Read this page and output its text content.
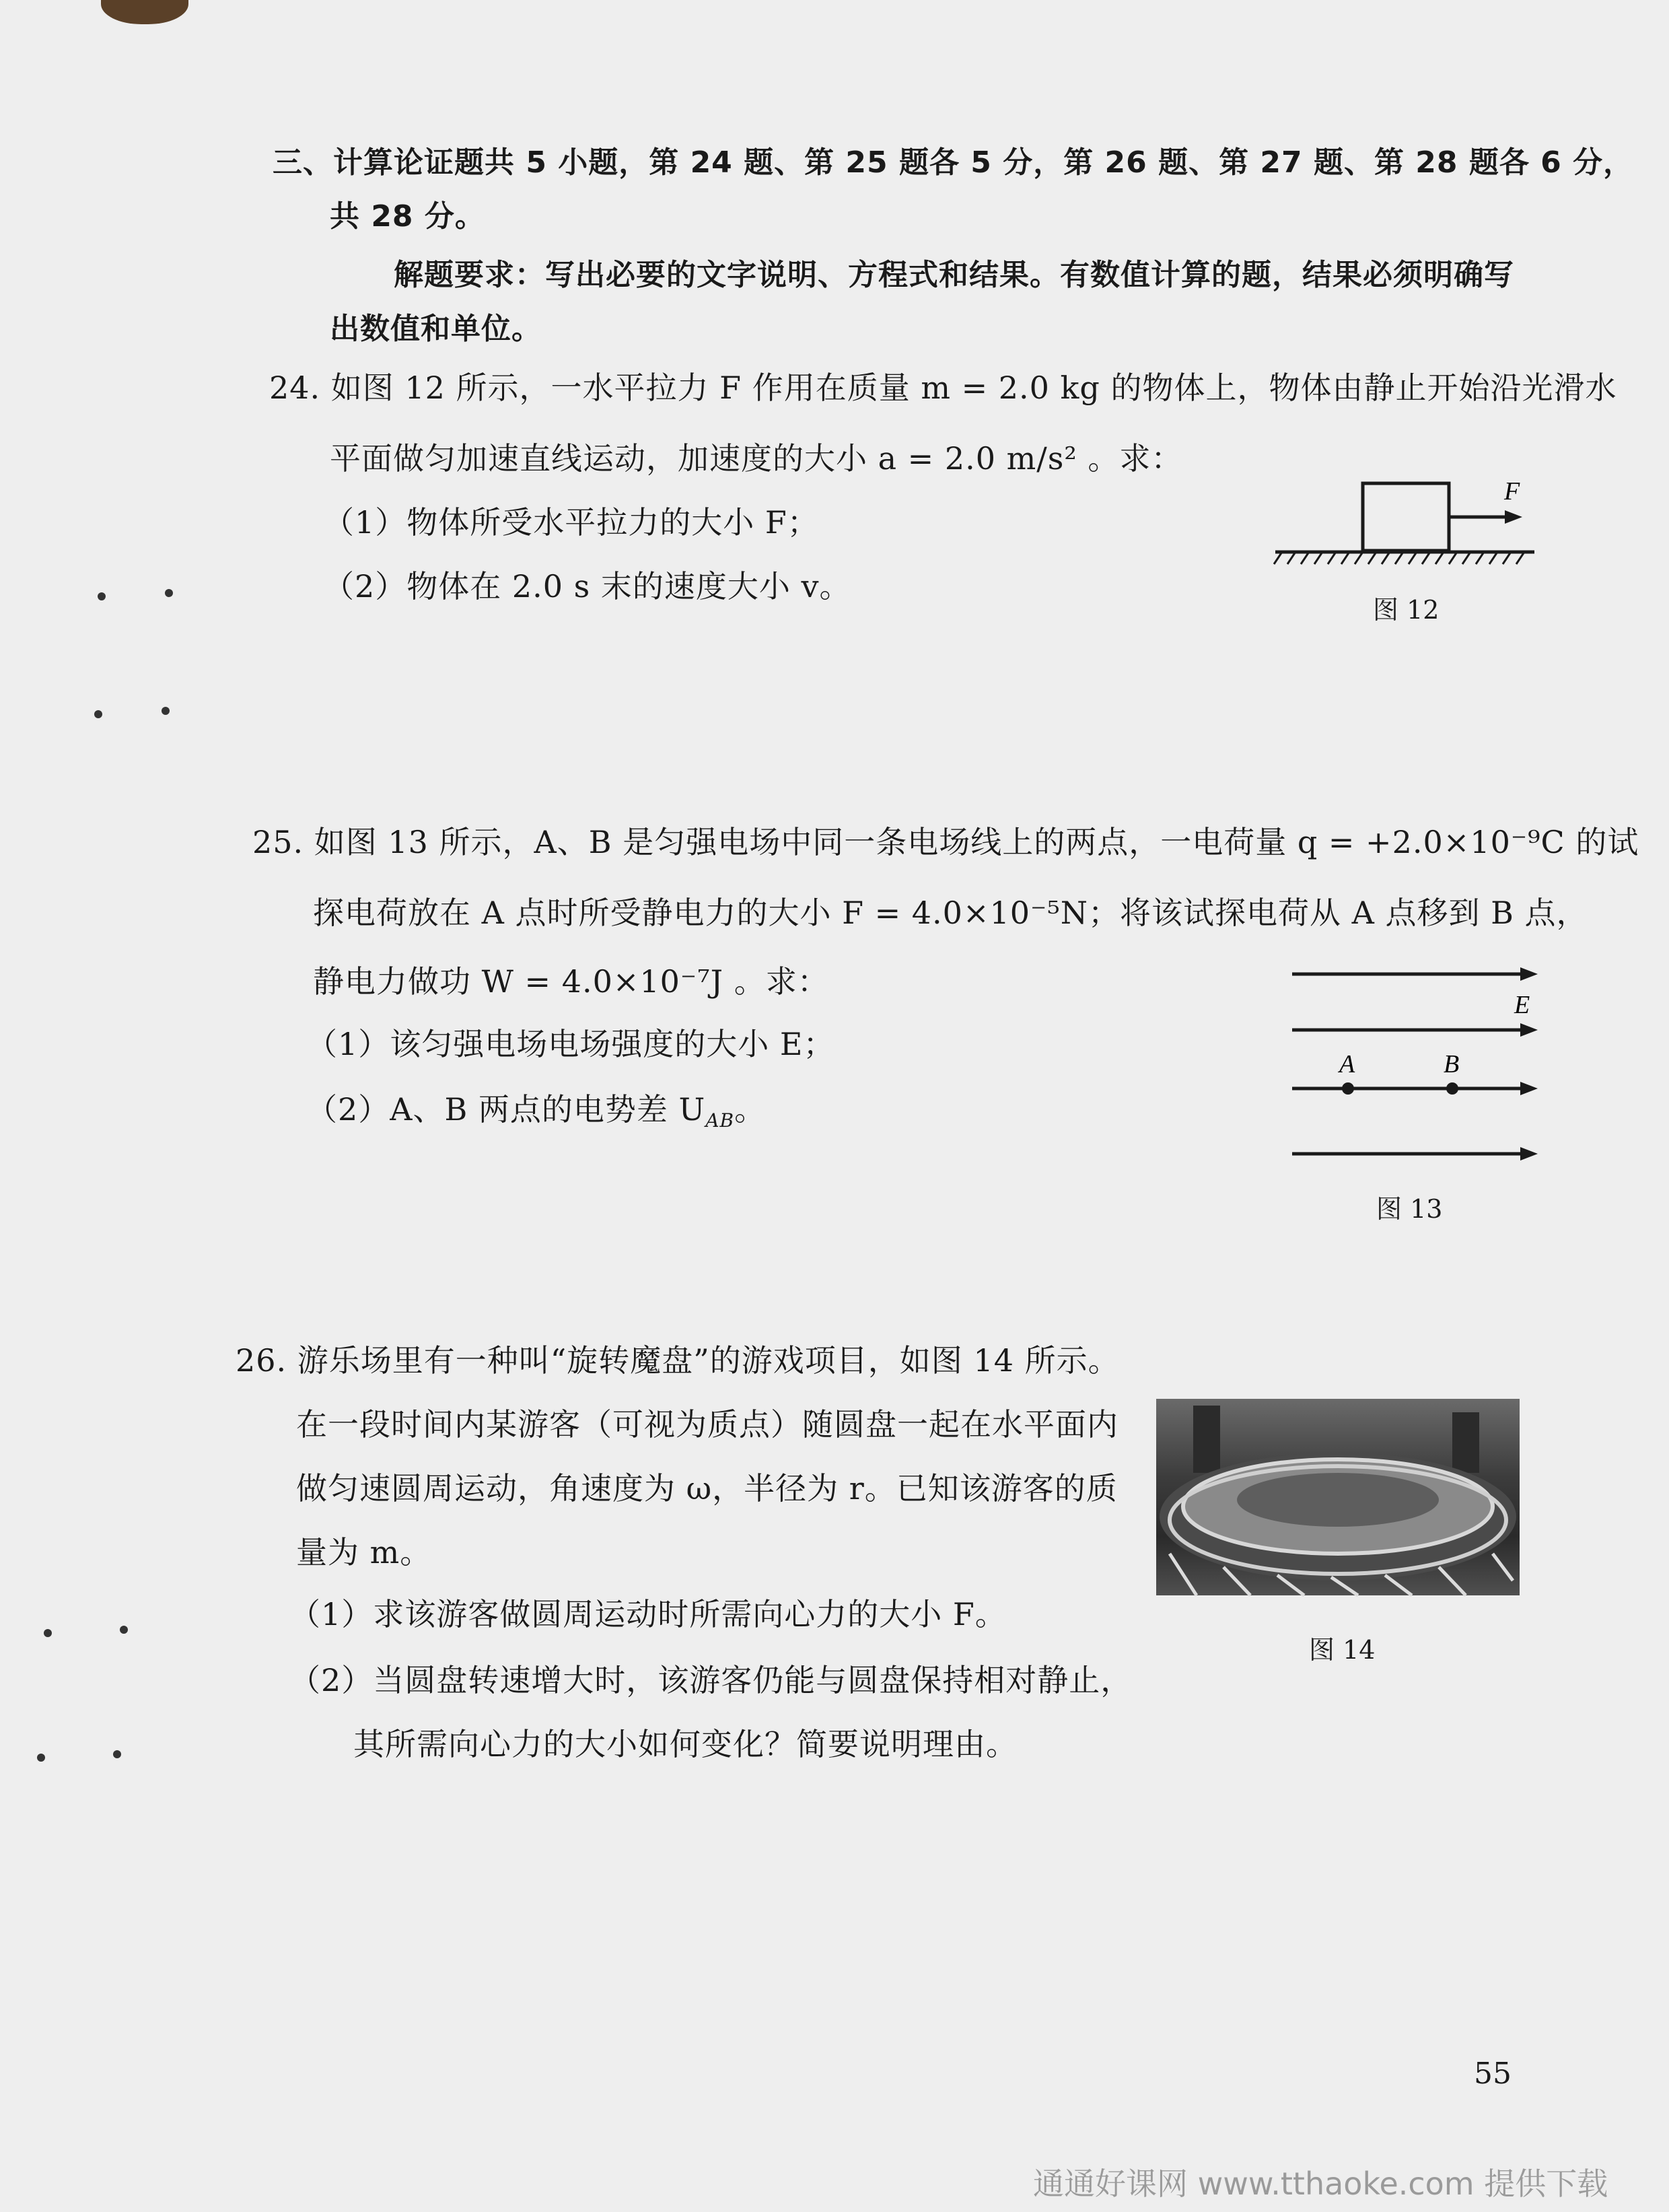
三、计算论证题共 5 小题，第 24 题、第 25 题各 5 分，第 26 题、第 27 题、第 28 题各 6 分，
共 28 分。
解题要求：写出必要的文字说明、方程式和结果。有数值计算的题，结果必须明确写
出数值和单位。
24. 如图 12 所示，一水平拉力 F 作用在质量 m = 2.0 kg 的物体上，物体由静止开始沿光滑水
平面做匀加速直线运动，加速度的大小 a = 2.0 m/s² 。求：
（1）物体所受水平拉力的大小 F；
（2）物体在 2.0 s 末的速度大小 v。
F
图 12
25. 如图 13 所示，A、B 是匀强电场中同一条电场线上的两点，一电荷量 q = +2.0×10⁻⁹C 的试
探电荷放在 A 点时所受静电力的大小 F = 4.0×10⁻⁵N；将该试探电荷从 A 点移到 B 点，
静电力做功 W = 4.0×10⁻⁷J 。求：
（1）该匀强电场电场强度的大小 E；
（2）A、B 两点的电势差 $U_{AB}$。
E
A	B
图 13
26. 游乐场里有一种叫“旋转魔盘”的游戏项目，如图 14 所示。
在一段时间内某游客（可视为质点）随圆盘一起在水平面内
做匀速圆周运动，角速度为 ω，半径为 r。已知该游客的质
量为 m。
（1）求该游客做圆周运动时所需向心力的大小 F。
（2）当圆盘转速增大时，该游客仍能与圆盘保持相对静止，
其所需向心力的大小如何变化？简要说明理由。
图 14
55
通通好课网 www.tthaoke.com 提供下载
